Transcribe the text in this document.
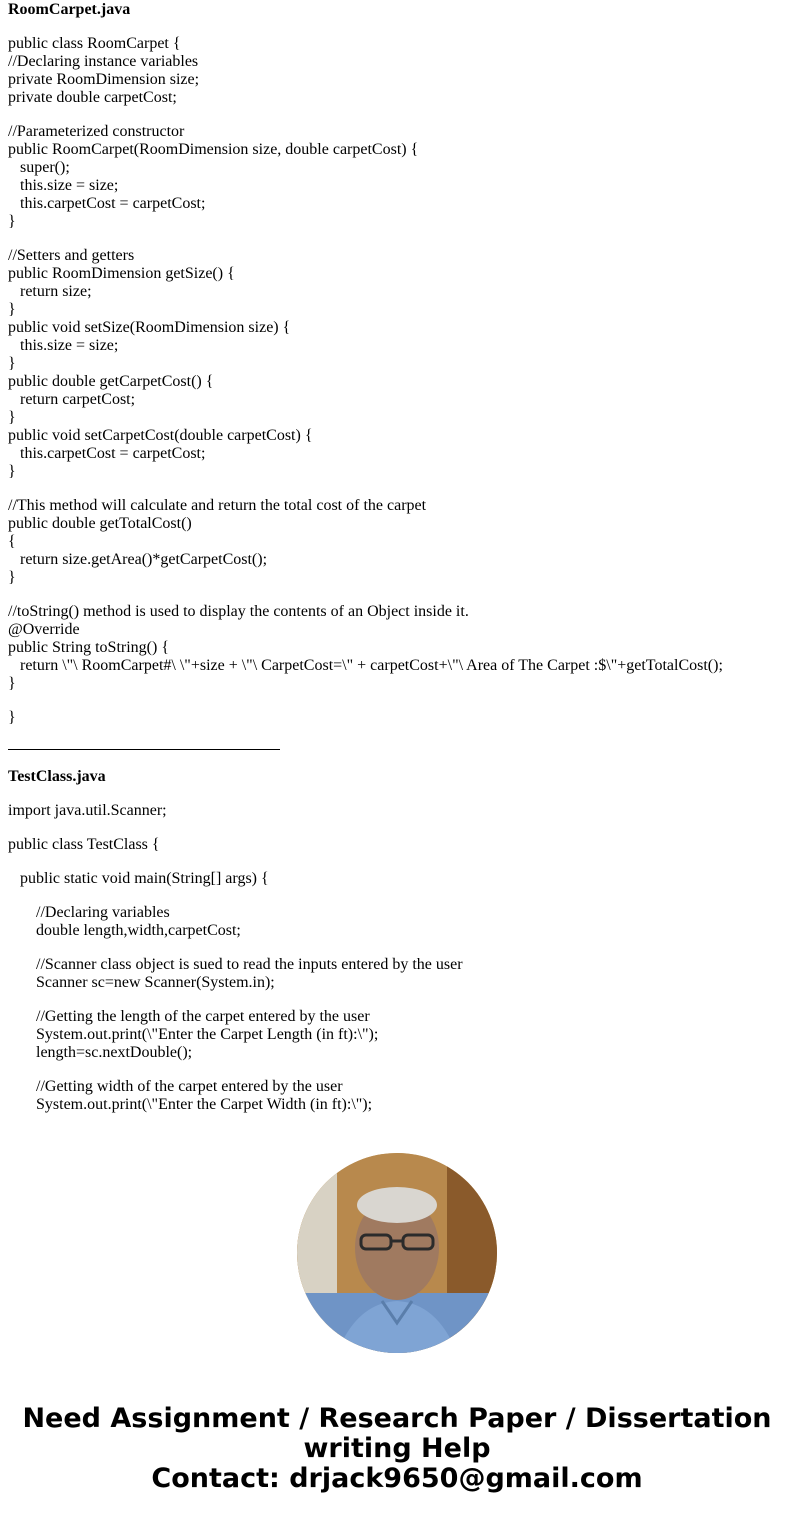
RoomCarpet.java
public class RoomCarpet {
//Declaring instance variables
private RoomDimension size;
private double carpetCost;
//Parameterized constructor
public RoomCarpet(RoomDimension size, double carpetCost) {
super();
this.size = size;
this.carpetCost = carpetCost;
}
//Setters and getters
public RoomDimension getSize() {
return size;
}
public void setSize(RoomDimension size) {
this.size = size;
}
public double getCarpetCost() {
return carpetCost;
}
public void setCarpetCost(double carpetCost) {
this.carpetCost = carpetCost;
}
//This method will calculate and return the total cost of the carpet
public double getTotalCost()
{
return size.getArea()*getCarpetCost();
}
//toString() method is used to display the contents of an Object inside it.
@Override
public String toString() {
return \"\ RoomCarpet#\ \"+size + \"\ CarpetCost=\" + carpetCost+\"\ Area of The Carpet :$\"+getTotalCost();
}
}
TestClass.java
import java.util.Scanner;
public class TestClass {
public static void main(String[] args) {
//Declaring variables
double length,width,carpetCost;
//Scanner class object is sued to read the inputs entered by the user
Scanner sc=new Scanner(System.in);
//Getting the length of the carpet entered by the user
System.out.print(\"Enter the Carpet Length (in ft):\");
length=sc.nextDouble();
//Getting width of the carpet entered by the user
System.out.print(\"Enter the Carpet Width (in ft):\");
Need Assignment / Research Paper / Dissertation
writing Help
Contact: drjack9650@gmail.com
